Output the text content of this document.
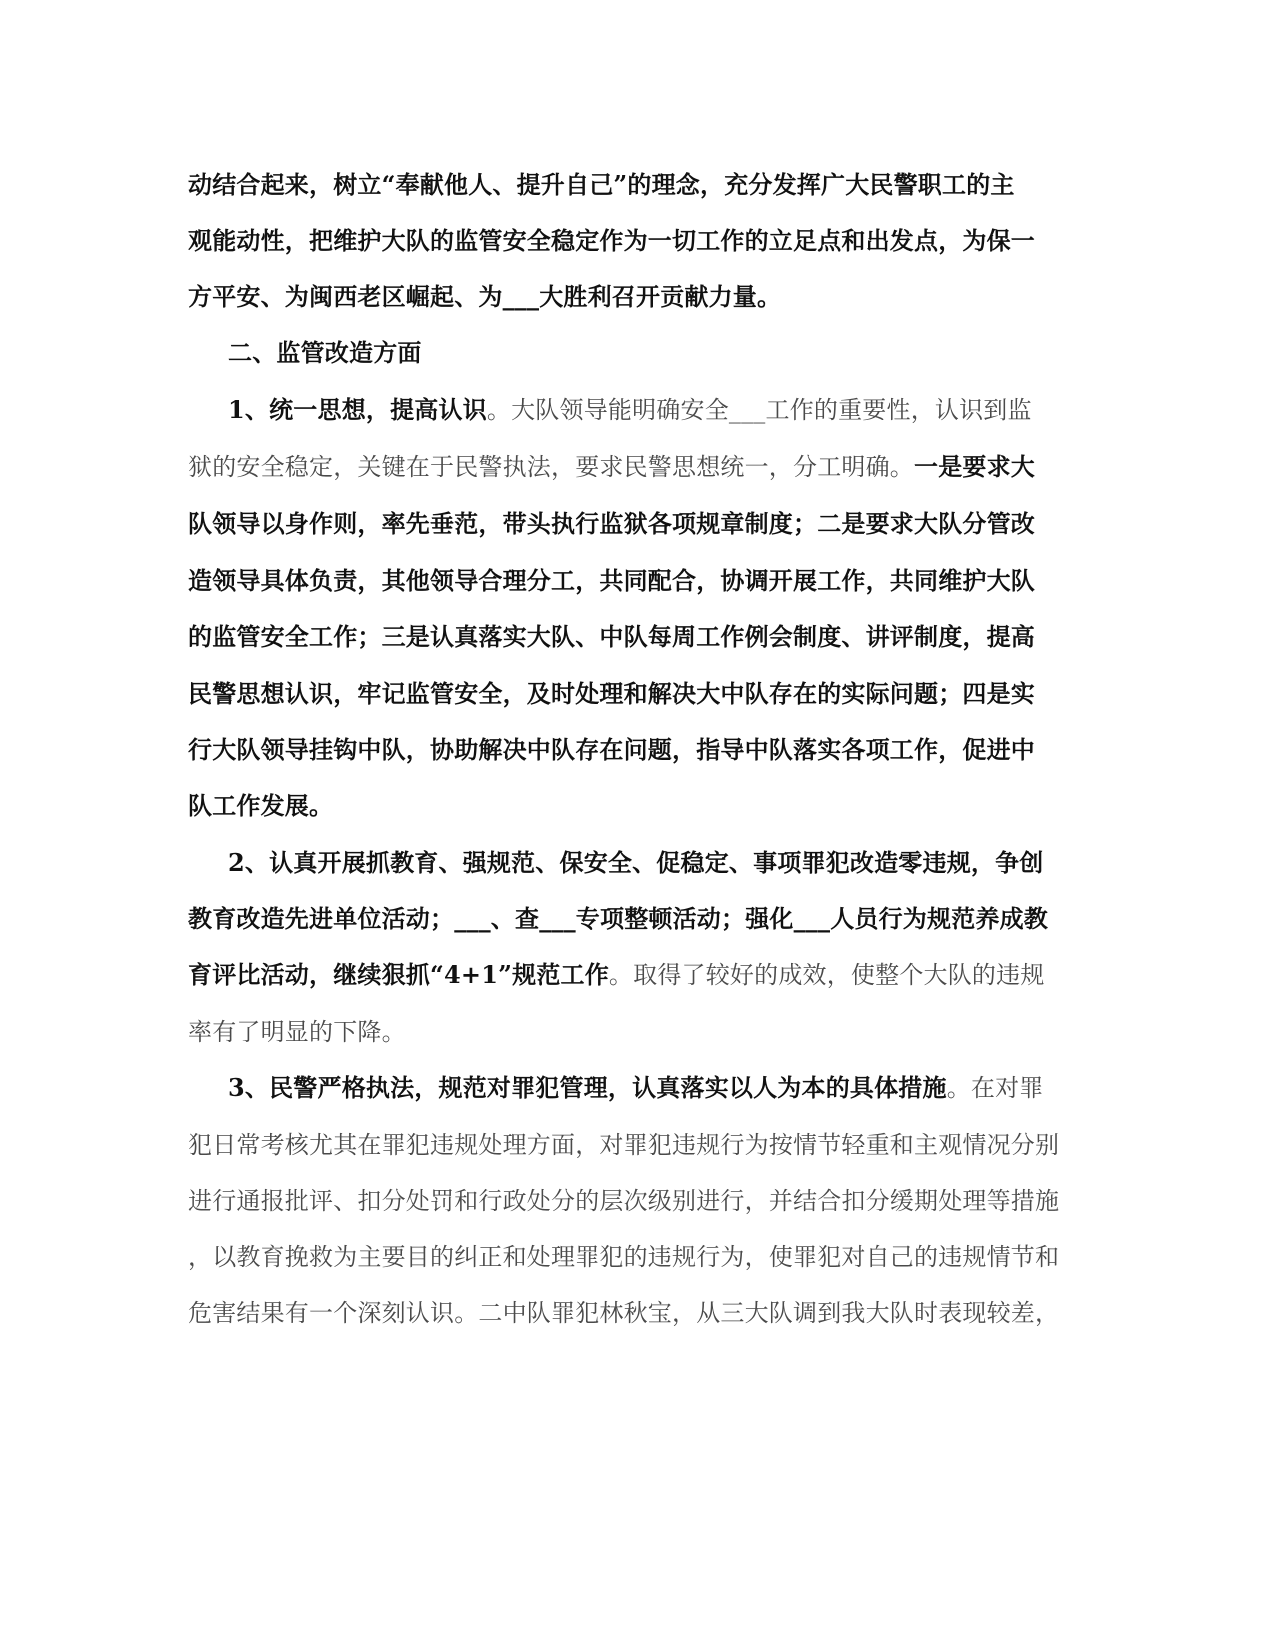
动结合起来，树立“奉献他人、提升自己”的理念，充分发挥广大民警职工的主
观能动性，把维护大队的监管安全稳定作为一切工作的立足点和出发点，为保一
方平安、为闽西老区崛起、为___大胜利召开贡献力量。
二、监管改造方面
1、统一思想，提高认识。大队领导能明确安全___工作的重要性，认识到监
狱的安全稳定，关键在于民警执法，要求民警思想统一，分工明确。一是要求大
队领导以身作则，率先垂范，带头执行监狱各项规章制度；二是要求大队分管改
造领导具体负责，其他领导合理分工，共同配合，协调开展工作，共同维护大队
的监管安全工作；三是认真落实大队、中队每周工作例会制度、讲评制度，提高
民警思想认识，牢记监管安全，及时处理和解决大中队存在的实际问题；四是实
行大队领导挂钩中队，协助解决中队存在问题，指导中队落实各项工作，促进中
队工作发展。
2、认真开展抓教育、强规范、保安全、促稳定、事项罪犯改造零违规，争创
教育改造先进单位活动；___、查___专项整顿活动；强化___人员行为规范养成教
育评比活动，继续狠抓“4+1”规范工作。取得了较好的成效，使整个大队的违规
率有了明显的下降。
3、民警严格执法，规范对罪犯管理，认真落实以人为本的具体措施。在对罪
犯日常考核尤其在罪犯违规处理方面，对罪犯违规行为按情节轻重和主观情况分别
进行通报批评、扣分处罚和行政处分的层次级别进行，并结合扣分缓期处理等措施
，以教育挽救为主要目的纠正和处理罪犯的违规行为，使罪犯对自己的违规情节和
危害结果有一个深刻认识。二中队罪犯林秋宝，从三大队调到我大队时表现较差，
